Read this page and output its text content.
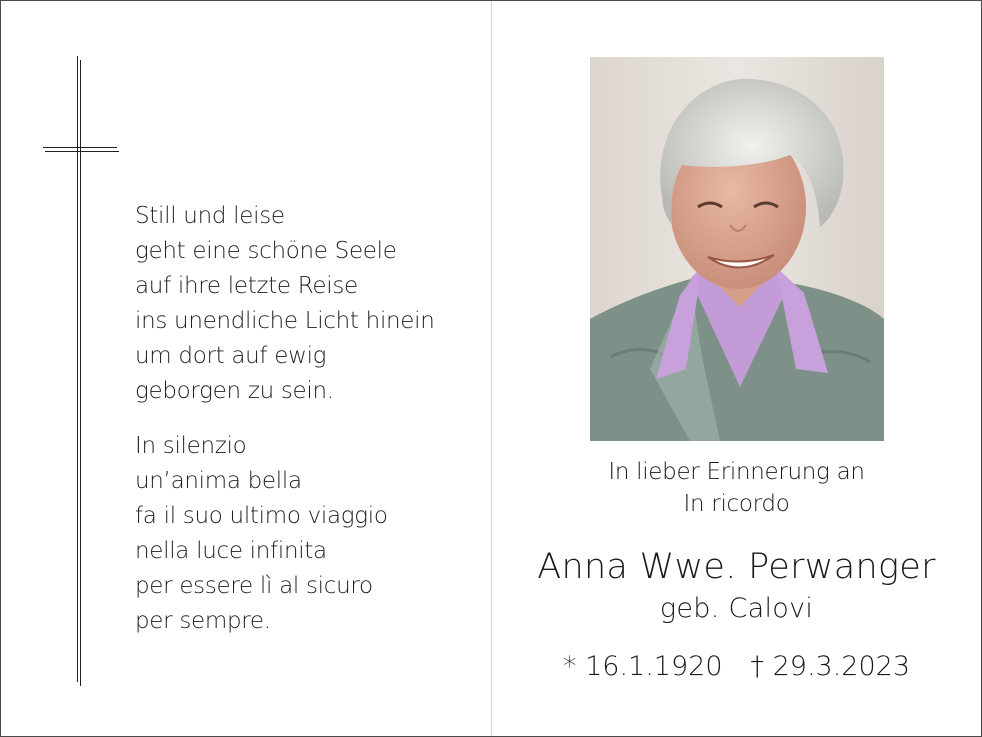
Still und leise
geht eine schöne Seele
auf ihre letzte Reise
ins unendliche Licht hinein
um dort auf ewig
geborgen zu sein.
In silenzio
un’anima bella
fa il suo ultimo viaggio
nella luce infinita
per essere lì al sicuro
per sempre.
In lieber Erinnerung an
In ricordo
Anna Wwe. Perwanger
geb. Calovi
* 16.1.1920 † 29.3.2023
